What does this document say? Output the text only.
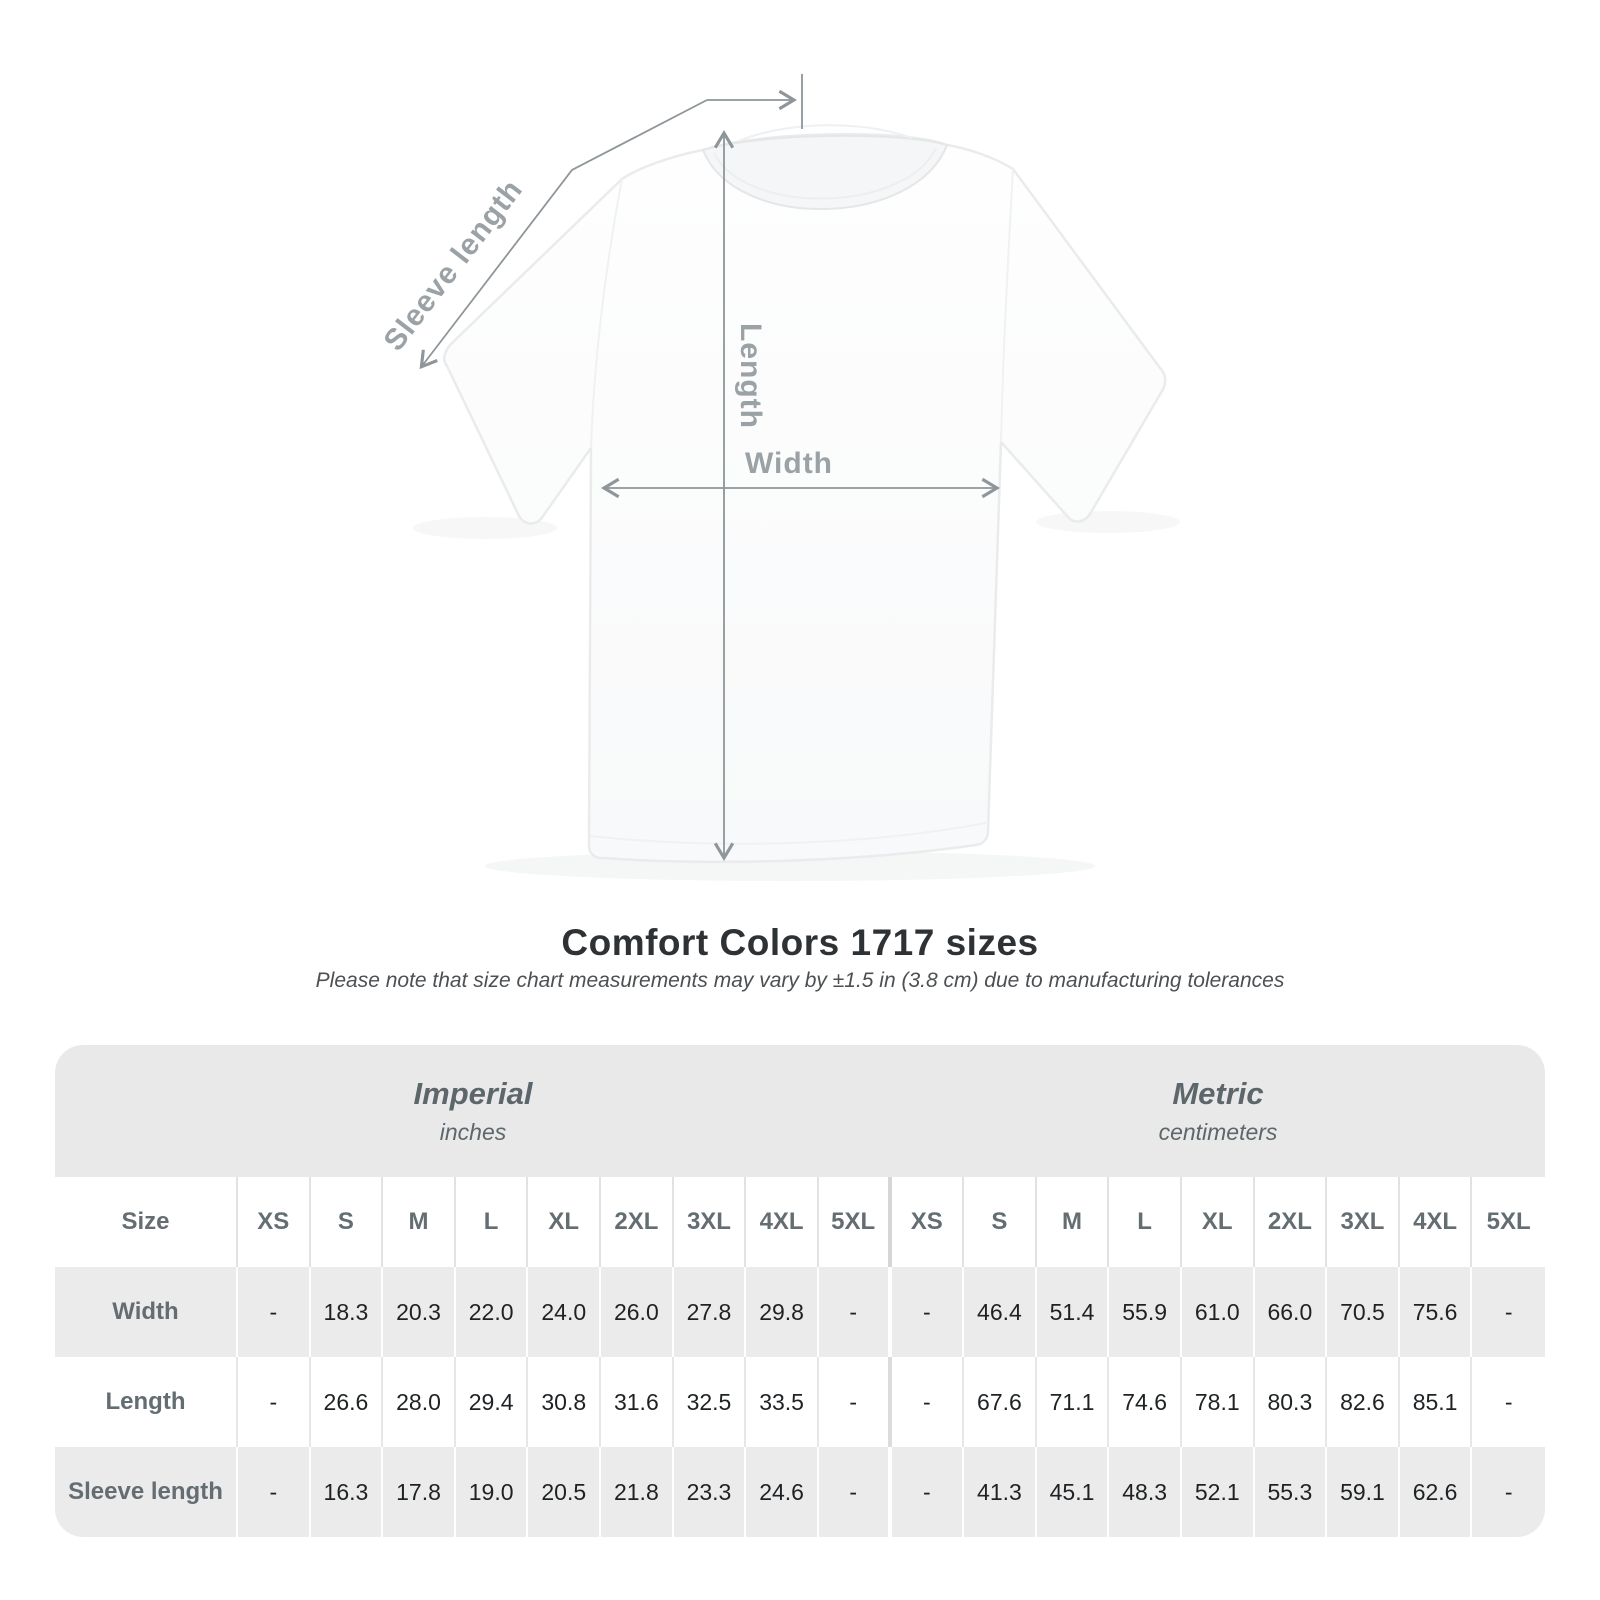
Sleeve length
Length
Width
Comfort Colors 1717 sizes
Please note that size chart measurements may vary by ±1.5 in (3.8 cm) due to manufacturing tolerances
Imperial
inches
Metric
centimeters
Size	XS	S	M	L	XL	2XL	3XL	4XL	5XL	XS	S	M	L	XL	2XL	3XL	4XL	5XL
Width	-	18.3	20.3	22.0	24.0	26.0	27.8	29.8	-	-	46.4	51.4	55.9	61.0	66.0	70.5	75.6	-
Length	-	26.6	28.0	29.4	30.8	31.6	32.5	33.5	-	-	67.6	71.1	74.6	78.1	80.3	82.6	85.1	-
Sleeve length	-	16.3	17.8	19.0	20.5	21.8	23.3	24.6	-	-	41.3	45.1	48.3	52.1	55.3	59.1	62.6	-
